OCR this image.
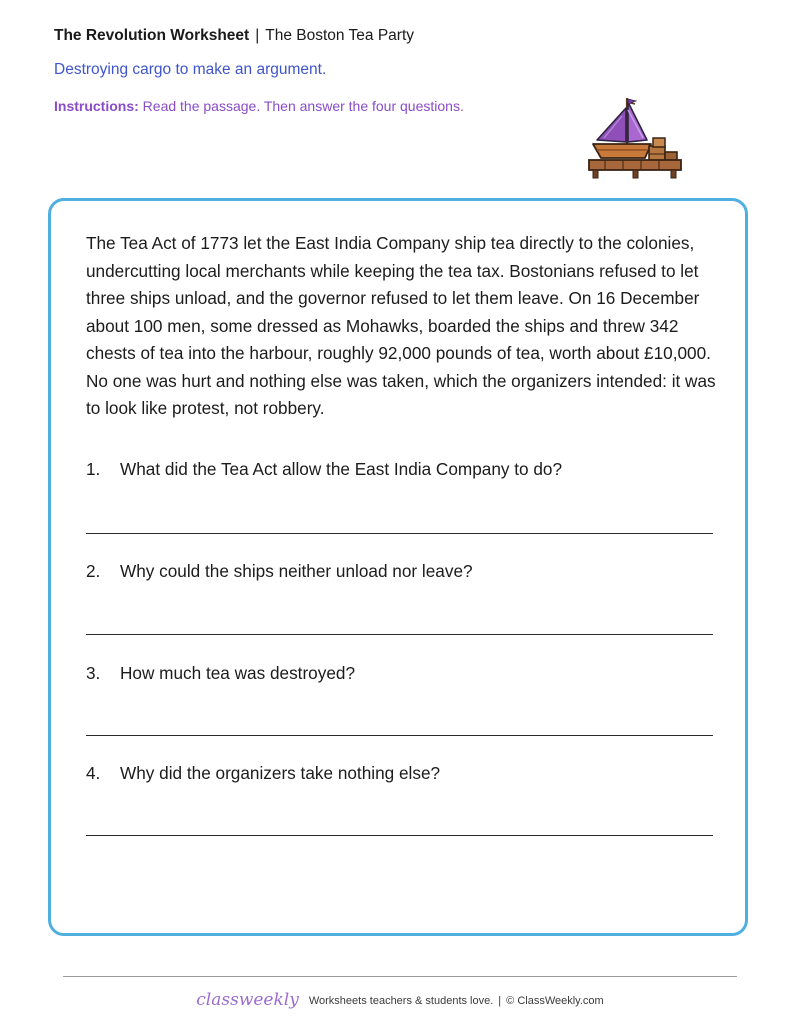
The Revolution Worksheet | The Boston Tea Party
Destroying cargo to make an argument.
Instructions: Read the passage. Then answer the four questions.
The Tea Act of 1773 let the East India Company ship tea directly to the colonies, undercutting local merchants while keeping the tea tax. Bostonians refused to let three ships unload, and the governor refused to let them leave. On 16 December about 100 men, some dressed as Mohawks, boarded the ships and threw 342 chests of tea into the harbour, roughly 92,000 pounds of tea, worth about £10,000. No one was hurt and nothing else was taken, which the organizers intended: it was to look like protest, not robbery.
1. What did the Tea Act allow the East India Company to do?
2. Why could the ships neither unload nor leave?
3. How much tea was destroyed?
4. Why did the organizers take nothing else?
classweekly Worksheets teachers & students love. | © ClassWeekly.com
